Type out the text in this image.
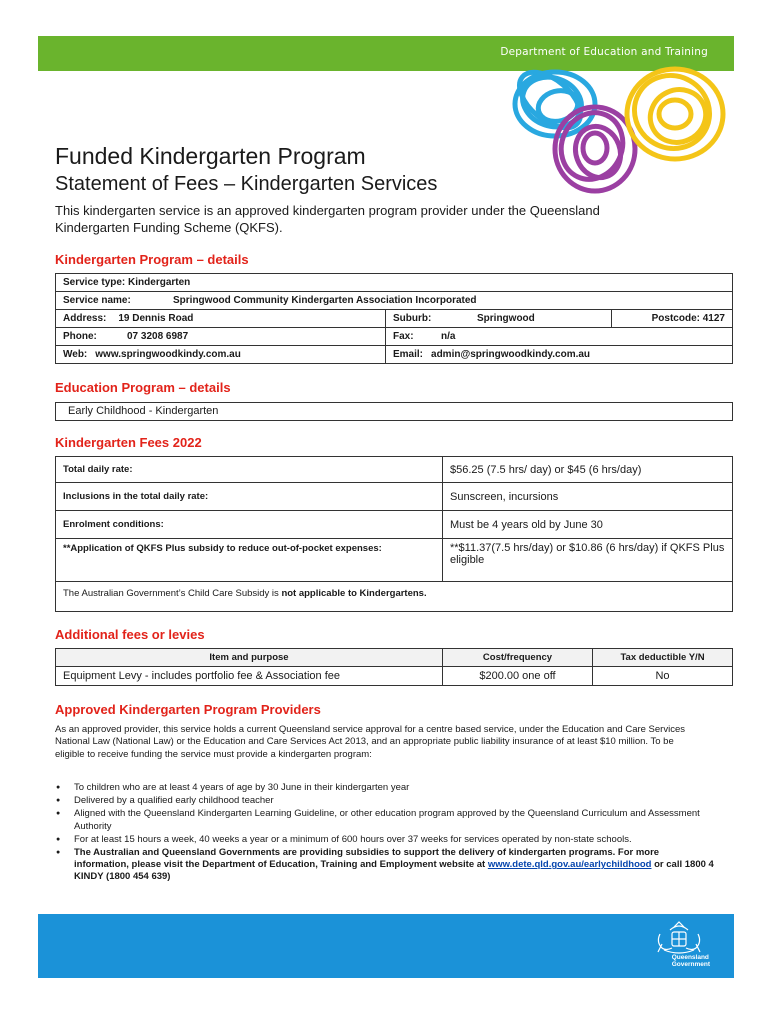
Department of Education and Training
Funded Kindergarten Program
Statement of Fees – Kindergarten Services
This kindergarten service is an approved kindergarten program provider under the Queensland Kindergarten Funding Scheme (QKFS).
Kindergarten Program – details
Service type: Kindergarten		
Service name: Springwood Community Kindergarten Association Incorporated		
Address: 19 Dennis Road	Suburb: Springwood	Postcode: 4127
Phone: 07 3208 6987	Fax: n/a	
Web: www.springwoodkindy.com.au	Email: admin@springwoodkindy.com.au	
Education Program – details
Early Childhood - Kindergarten
Kindergarten Fees 2022
Total daily rate:	$56.25 (7.5 hrs/ day) or $45 (6 hrs/day)
Inclusions in the total daily rate:	Sunscreen, incursions
Enrolment conditions:	Must be 4 years old by June 30
**Application of QKFS Plus subsidy to reduce out-of-pocket expenses:	**$11.37(7.5 hrs/day) or $10.86 (6 hrs/day) if QKFS Plus eligible
The Australian Government’s Child Care Subsidy is not applicable to Kindergartens.	
Additional fees or levies
Item and purpose	Cost/frequency	Tax deductible Y/N
Equipment Levy - includes portfolio fee & Association fee	$200.00 one off	No
Approved Kindergarten Program Providers
As an approved provider, this service holds a current Queensland service approval for a centre based service, under the Education and Care Services National Law (National Law) or the Education and Care Services Act 2013, and an appropriate public liability insurance of at least $10 million. To be eligible to receive funding the service must provide a kindergarten program:
● To children who are at least 4 years of age by 30 June in their kindergarten year
● Delivered by a qualified early childhood teacher
● Aligned with the Queensland Kindergarten Learning Guideline, or other education program approved by the Queensland Curriculum and Assessment Authority
● For at least 15 hours a week, 40 weeks a year or a minimum of 600 hours over 37 weeks for services operated by non-state schools.
● The Australian and Queensland Governments are providing subsidies to support the delivery of kindergarten programs. For more information, please visit the Department of Education, Training and Employment website at www.dete.qld.gov.au/earlychildhood or call 1800 4 KINDY (1800 454 639)
Queensland
Government
